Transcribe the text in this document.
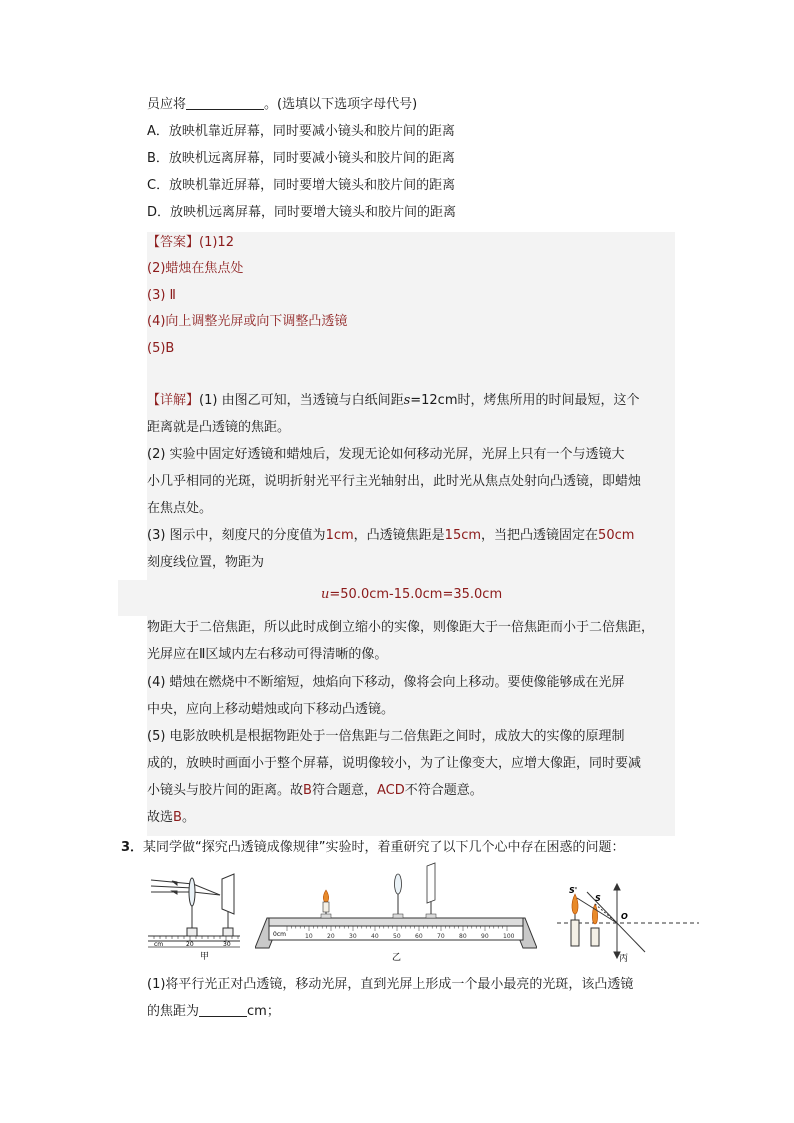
员应将	。(选填以下选项字母代号)
A．放映机靠近屏幕，同时要减小镜头和胶片间的距离
B．放映机远离屏幕，同时要减小镜头和胶片间的距离
C．放映机靠近屏幕，同时要增大镜头和胶片间的距离
D．放映机远离屏幕，同时要增大镜头和胶片间的距离
【答案】(1)12
(2)蜡烛在焦点处
(3) Ⅱ
(4)向上调整光屏或向下调整凸透镜
(5)B
【详解】(1) 由图乙可知，当透镜与白纸间距s=12cm时，烤焦所用的时间最短，这个
距离就是凸透镜的焦距。
(2) 实验中固定好透镜和蜡烛后，发现无论如何移动光屏，光屏上只有一个与透镜大
小几乎相同的光斑，说明折射光平行主光轴射出，此时光从焦点处射向凸透镜，即蜡烛
在焦点处。
(3) 图示中，刻度尺的分度值为1cm，凸透镜焦距是15cm，当把凸透镜固定在50cm
刻度线位置，物距为
u=50.0cm-15.0cm=35.0cm
物距大于二倍焦距，所以此时成倒立缩小的实像，则像距大于一倍焦距而小于二倍焦距，
光屏应在Ⅱ区域内左右移动可得清晰的像。
(4) 蜡烛在燃烧中不断缩短，烛焰向下移动，像将会向上移动。要使像能够成在光屏
中央，应向上移动蜡烛或向下移动凸透镜。
(5) 电影放映机是根据物距处于一倍焦距与二倍焦距之间时，成放大的实像的原理制
成的，放映时画面小于整个屏幕，说明像较小，为了让像变大，应增大像距，同时要减
小镜头与胶片间的距离。故B符合题意，ACD不符合题意。
故选B。
3．某同学做“探究凸透镜成像规律”实验时，着重研究了以下几个心中存在困惑的问题：
cm	20	30
甲
0cm	10 20 30 40 50 60 70 80 90 100
乙
S'
S
O
丙
(1)将平行光正对凸透镜，移动光屏，直到光屏上形成一个最小最亮的光斑，该凸透镜
的焦距为	cm；
